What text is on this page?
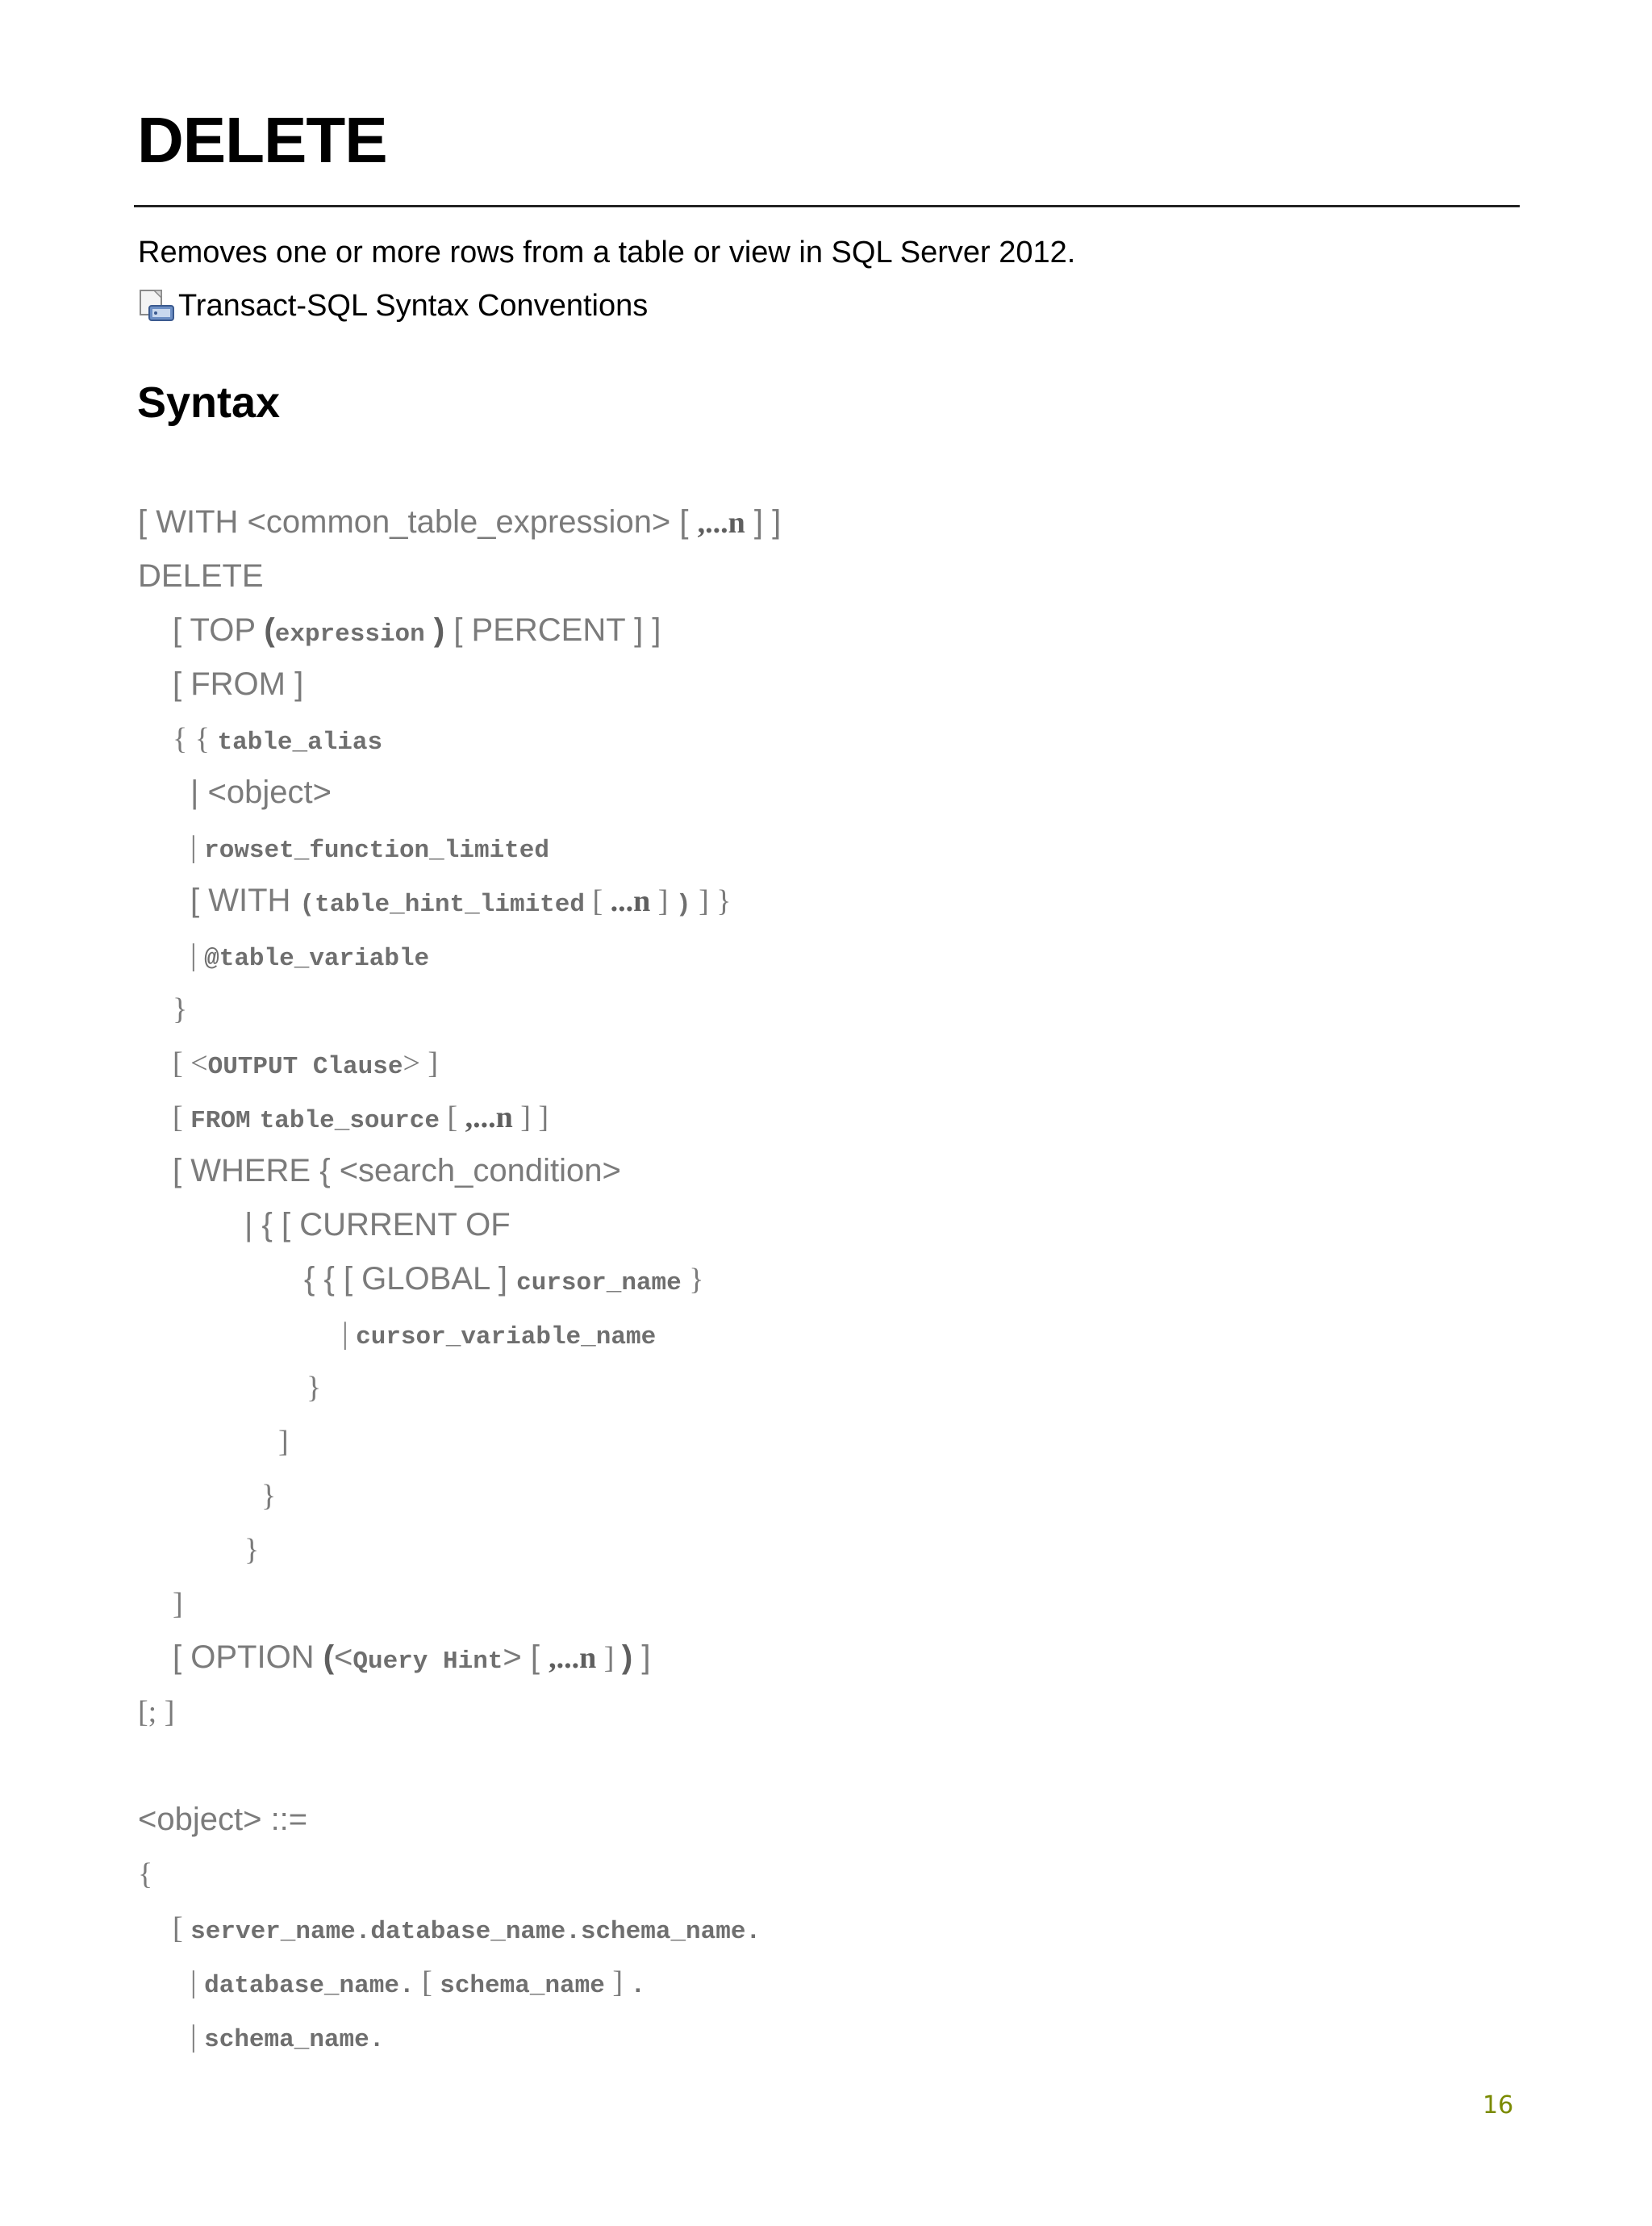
DELETE
Removes one or more rows from a table or view in SQL Server 2012.
Transact-SQL Syntax Conventions
Syntax
[ WITH <common_table_expression> [ ,...n ] ]
DELETE
[ TOP (expression ) [ PERCENT ] ]
[ FROM ]
{ { table_alias
| <object>
| rowset_function_limited
[ WITH (table_hint_limited [ ...n ] ) ] }
| @table_variable
}
[ <OUTPUT Clause> ]
[ FROM table_source [ ,...n ] ]
[ WHERE { <search_condition>
| { [ CURRENT OF
{ { [ GLOBAL ] cursor_name }
| cursor_variable_name
}
]
}
}
]
[ OPTION (<Query Hint> [ ,...n ] ) ]
[; ]
<object> ::=
{
[ server_name.database_name.schema_name.
| database_name. [ schema_name ] .
| schema_name.
16
